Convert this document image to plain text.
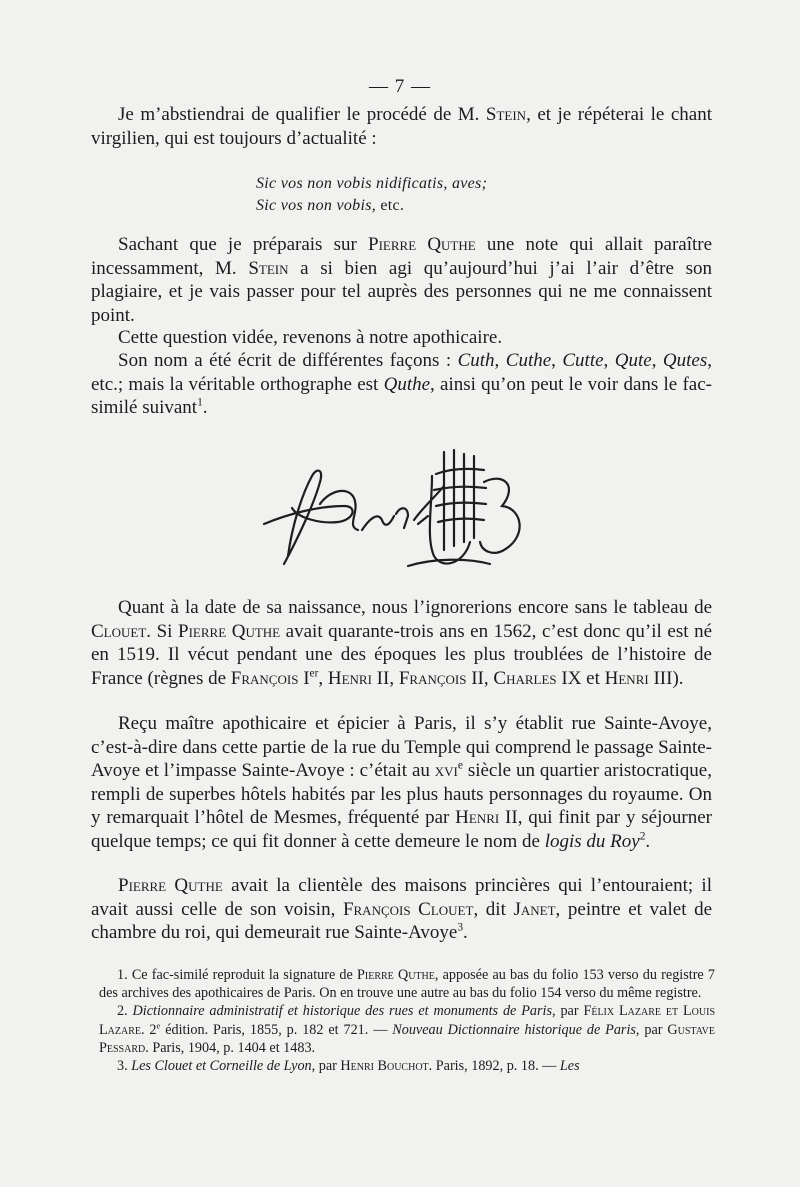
— 7 —

Je m’abstiendrai de qualifier le procédé de M. Stein, et je répéterai le chant virgilien, qui est toujours d’actualité :

Sic vos non vobis nidificatis, aves;
Sic vos non vobis, etc.

Sachant que je préparais sur Pierre Quthe une note qui allait paraître incessamment, M. Stein a si bien agi qu’aujourd’hui j’ai l’air d’être son plagiaire, et je vais passer pour tel auprès des personnes qui ne me connaissent point.

Cette question vidée, revenons à notre apothicaire.

Son nom a été écrit de différentes façons : Cuth, Cuthe, Cutte, Qute, Qutes, etc.; mais la véritable orthographe est Quthe, ainsi qu’on peut le voir dans le fac-similé suivant$^1$.

Quant à la date de sa naissance, nous l’ignorerions encore sans le tableau de Clouet. Si Pierre Quthe avait quarante-trois ans en 1562, c’est donc qu’il est né en 1519. Il vécut pendant une des époques les plus troublées de l’histoire de France (règnes de François Ier, Henri II, François II, Charles IX et Henri III).

Reçu maître apothicaire et épicier à Paris, il s’y établit rue Sainte-Avoye, c’est-à-dire dans cette partie de la rue du Temple qui comprend le passage Sainte-Avoye et l’impasse Sainte-Avoye : c’était au xvi$^e$ siècle un quartier aristocratique, rempli de superbes hôtels habités par les plus hauts personnages du royaume. On y remarquait l’hôtel de Mesmes, fréquenté par Henri II, qui finit par y séjourner quelque temps; ce qui fit donner à cette demeure le nom de logis du Roy$^2$.

Pierre Quthe avait la clientèle des maisons princières qui l’entouraient; il avait aussi celle de son voisin, François Clouet, dit Janet, peintre et valet de chambre du roi, qui demeurait rue Sainte-Avoye$^3$.

1. Ce fac-similé reproduit la signature de Pierre Quthe, apposée au bas du folio 153 verso du registre 7 des archives des apothicaires de Paris. On en trouve une autre au bas du folio 154 verso du même registre.
2. Dictionnaire administratif et historique des rues et monuments de Paris, par Félix Lazare et Louis Lazare. 2e édition. Paris, 1855, p. 182 et 721. — Nouveau Dictionnaire historique de Paris, par Gustave Pessard. Paris, 1904, p. 1404 et 1483.
3. Les Clouet et Corneille de Lyon, par Henri Bouchot. Paris, 1892, p. 18. — Les
